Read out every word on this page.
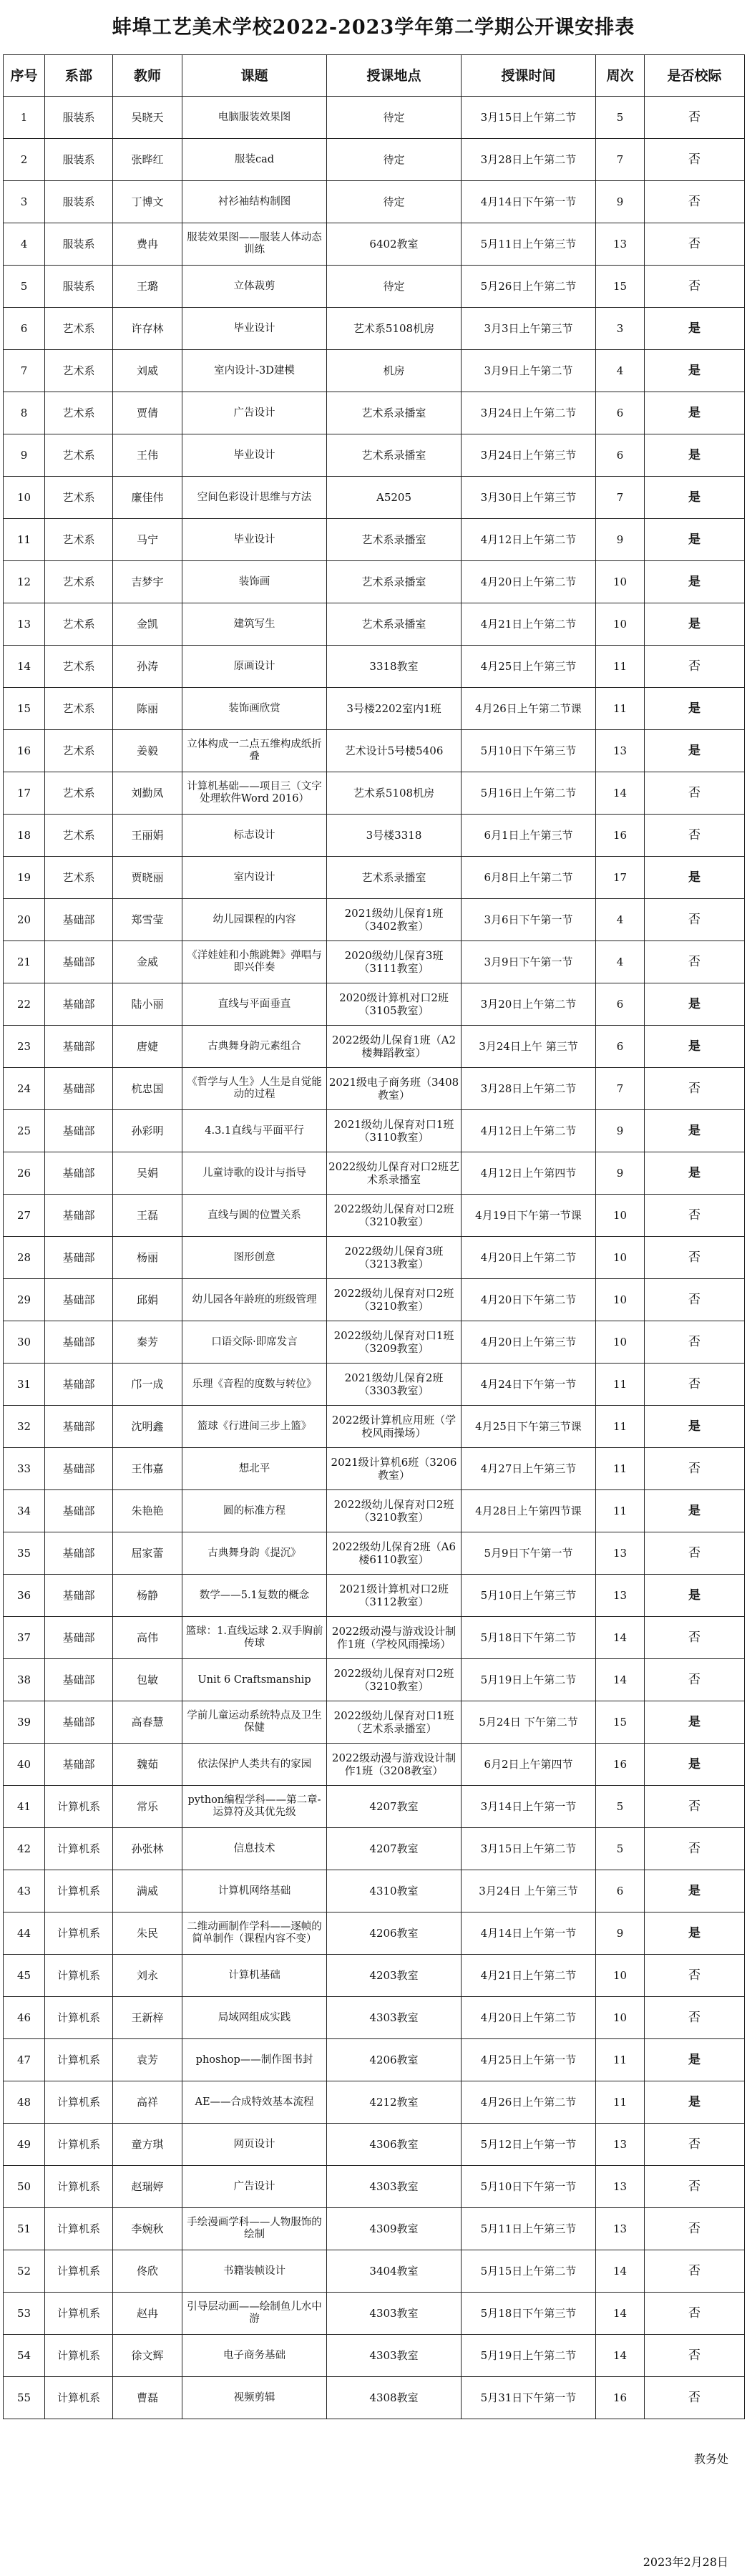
蚌埠工艺美术学校2022-2023学年第二学期公开课安排表
序号	系部	教师	课题	授课地点	授课时间	周次	是否校际
1	服装系	吴晓天	电脑服装效果图	待定	3月15日上午第二节	5	否
2	服装系	张晔红	服装cad	待定	3月28日上午第二节	7	否
3	服装系	丁博文	衬衫袖结构制图	待定	4月14日下午第一节	9	否
4	服装系	费冉	服装效果图——服装人体动态训练	6402教室	5月11日上午第三节	13	否
5	服装系	王璐	立体裁剪	待定	5月26日上午第二节	15	否
6	艺术系	许存林	毕业设计	艺术系5108机房	3月3日上午第三节	3	是
7	艺术系	刘威	室内设计-3D建模	机房	3月9日上午第二节	4	是
8	艺术系	贾倩	广告设计	艺术系录播室	3月24日上午第二节	6	是
9	艺术系	王伟	毕业设计	艺术系录播室	3月24日上午第三节	6	是
10	艺术系	廉佳伟	空间色彩设计思维与方法	A5205	3月30日上午第三节	7	是
11	艺术系	马宁	毕业设计	艺术系录播室	4月12日上午第二节	9	是
12	艺术系	吉梦宇	装饰画	艺术系录播室	4月20日上午第二节	10	是
13	艺术系	金凯	建筑写生	艺术系录播室	4月21日上午第二节	10	是
14	艺术系	孙涛	原画设计	3318教室	4月25日上午第三节	11	否
15	艺术系	陈丽	装饰画欣赏	3号楼2202室内1班	4月26日上午第二节课	11	是
16	艺术系	姜毅	立体构成一二点五维构成纸折叠	艺术设计5号楼5406	5月10日下午第三节	13	是
17	艺术系	刘勤凤	计算机基础——项目三（文字处理软件Word 2016）	艺术系5108机房	5月16日上午第二节	14	否
18	艺术系	王丽娟	标志设计	3号楼3318	6月1日上午第三节	16	否
19	艺术系	贾晓丽	室内设计	艺术系录播室	6月8日上午第二节	17	是
20	基础部	郑雪莹	幼儿园课程的内容	2021级幼儿保育1班（3402教室）	3月6日下午第一节	4	否
21	基础部	金威	《洋娃娃和小熊跳舞》弹唱与即兴伴奏	2020级幼儿保育3班（3111教室）	3月9日下午第一节	4	否
22	基础部	陆小丽	直线与平面垂直	2020级计算机对口2班（3105教室）	3月20日上午第二节	6	是
23	基础部	唐婕	古典舞身韵元素组合	2022级幼儿保育1班（A2楼舞蹈教室）	3月24日上午 第三节	6	是
24	基础部	杭忠国	《哲学与人生》人生是自觉能动的过程	2021级电子商务班（3408教室）	3月28日上午第二节	7	否
25	基础部	孙彩明	4.3.1直线与平面平行	2021级幼儿保育对口1班（3110教室）	4月12日上午第二节	9	是
26	基础部	吴娟	儿童诗歌的设计与指导	2022级幼儿保育对口2班艺术系录播室	4月12日上午第四节	9	是
27	基础部	王磊	直线与圆的位置关系	2022级幼儿保育对口2班（3210教室）	4月19日下午第一节课	10	否
28	基础部	杨丽	图形创意	2022级幼儿保育3班（3213教室）	4月20日上午第二节	10	否
29	基础部	邱娟	幼儿园各年龄班的班级管理	2022级幼儿保育对口2班（3210教室）	4月20日下午第二节	10	否
30	基础部	秦芳	口语交际·即席发言	2022级幼儿保育对口1班（3209教室）	4月20日上午第三节	10	否
31	基础部	邝一成	乐理《音程的度数与转位》	2021级幼儿保育2班（3303教室）	4月24日下午第一节	11	否
32	基础部	沈明鑫	篮球《行进间三步上篮》	2022级计算机应用班（学校风雨操场）	4月25日下午第三节课	11	是
33	基础部	王伟嘉	想北平	2021级计算机6班（3206教室）	4月27日上午第三节	11	否
34	基础部	朱艳艳	圆的标准方程	2022级幼儿保育对口2班（3210教室）	4月28日上午第四节课	11	是
35	基础部	屈家蕾	古典舞身韵《提沉》	2022级幼儿保育2班（A6楼6110教室）	5月9日下午第一节	13	否
36	基础部	杨静	数学——5.1复数的概念	2021级计算机对口2班（3112教室）	5月10日上午第三节	13	是
37	基础部	高伟	篮球：1.直线运球 2.双手胸前传球	2022级动漫与游戏设计制作1班（学校风雨操场）	5月18日下午第二节	14	否
38	基础部	包敏	Unit 6 Craftsmanship	2022级幼儿保育对口2班（3210教室）	5月19日上午第二节	14	否
39	基础部	高春慧	学前儿童运动系统特点及卫生保健	2022级幼儿保育对口1班（艺术系录播室）	5月24日 下午第二节	15	是
40	基础部	魏茹	依法保护人类共有的家园	2022级动漫与游戏设计制作1班（3208教室）	6月2日上午第四节	16	是
41	计算机系	常乐	python编程学科——第二章-运算符及其优先级	4207教室	3月14日上午第一节	5	否
42	计算机系	孙张林	信息技术	4207教室	3月15日上午第二节	5	否
43	计算机系	满威	计算机网络基础	4310教室	3月24日 上午第三节	6	是
44	计算机系	朱民	二维动画制作学科——逐帧的简单制作（课程内容不变）	4206教室	4月14日上午第一节	9	是
45	计算机系	刘永	计算机基础	4203教室	4月21日上午第二节	10	否
46	计算机系	王新梓	局域网组成实践	4303教室	4月20日上午第二节	10	否
47	计算机系	袁芳	phoshop——制作图书封	4206教室	4月25日上午第一节	11	是
48	计算机系	高祥	AE——合成特效基本流程	4212教室	4月26日上午第二节	11	是
49	计算机系	童方琪	网页设计	4306教室	5月12日上午第一节	13	否
50	计算机系	赵瑞婷	广告设计	4303教室	5月10日下午第一节	13	否
51	计算机系	李婉秋	手绘漫画学科——人物服饰的绘制	4309教室	5月11日上午第三节	13	否
52	计算机系	佟欣	书籍装帧设计	3404教室	5月15日上午第二节	14	否
53	计算机系	赵冉	引导层动画——绘制鱼儿水中游	4303教室	5月18日下午第三节	14	否
54	计算机系	徐文辉	电子商务基础	4303教室	5月19日上午第二节	14	否
55	计算机系	曹磊	视频剪辑	4308教室	5月31日下午第一节	16	否
教务处
2023年2月28日
